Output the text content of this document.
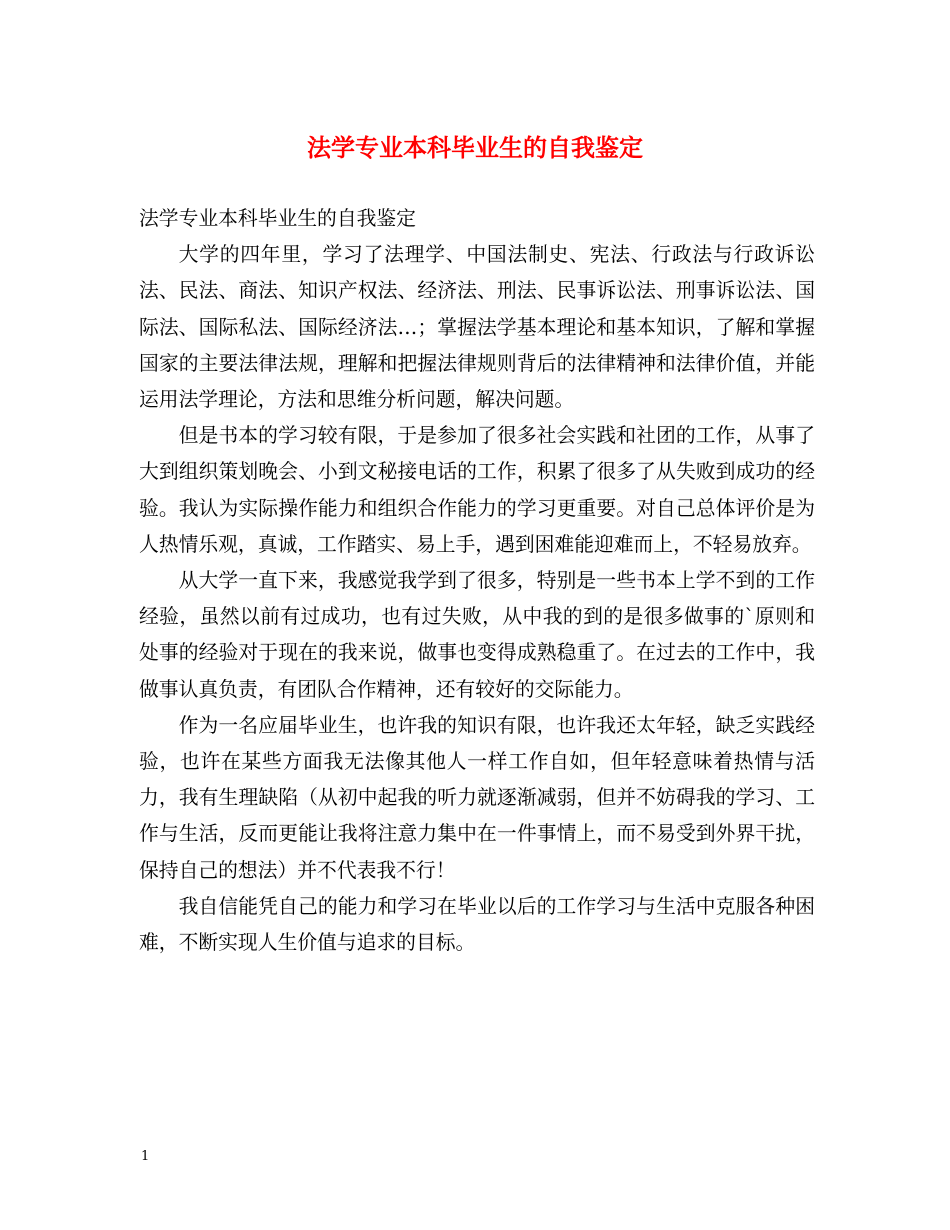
法学专业本科毕业生的自我鉴定

法学专业本科毕业生的自我鉴定

大学的四年里，学习了法理学、中国法制史、宪法、行政法与行政诉讼法、民法、商法、知识产权法、经济法、刑法、民事诉讼法、刑事诉讼法、国际法、国际私法、国际经济法…；掌握法学基本理论和基本知识，了解和掌握国家的主要法律法规，理解和把握法律规则背后的法律精神和法律价值，并能运用法学理论，方法和思维分析问题，解决问题。

但是书本的学习较有限，于是参加了很多社会实践和社团的工作，从事了大到组织策划晚会、小到文秘接电话的工作，积累了很多了从失败到成功的经验。我认为实际操作能力和组织合作能力的学习更重要。对自己总体评价是为人热情乐观，真诚，工作踏实、易上手，遇到困难能迎难而上，不轻易放弃。

从大学一直下来，我感觉我学到了很多，特别是一些书本上学不到的工作经验，虽然以前有过成功，也有过失败，从中我的到的是很多做事的`原则和处事的经验对于现在的我来说，做事也变得成熟稳重了。在过去的工作中，我做事认真负责，有团队合作精神，还有较好的交际能力。

作为一名应届毕业生，也许我的知识有限，也许我还太年轻，缺乏实践经验，也许在某些方面我无法像其他人一样工作自如，但年轻意味着热情与活力，我有生理缺陷（从初中起我的听力就逐渐减弱，但并不妨碍我的学习、工作与生活，反而更能让我将注意力集中在一件事情上，而不易受到外界干扰，保持自己的想法）并不代表我不行！

我自信能凭自己的能力和学习在毕业以后的工作学习与生活中克服各种困难，不断实现人生价值与追求的目标。

1
